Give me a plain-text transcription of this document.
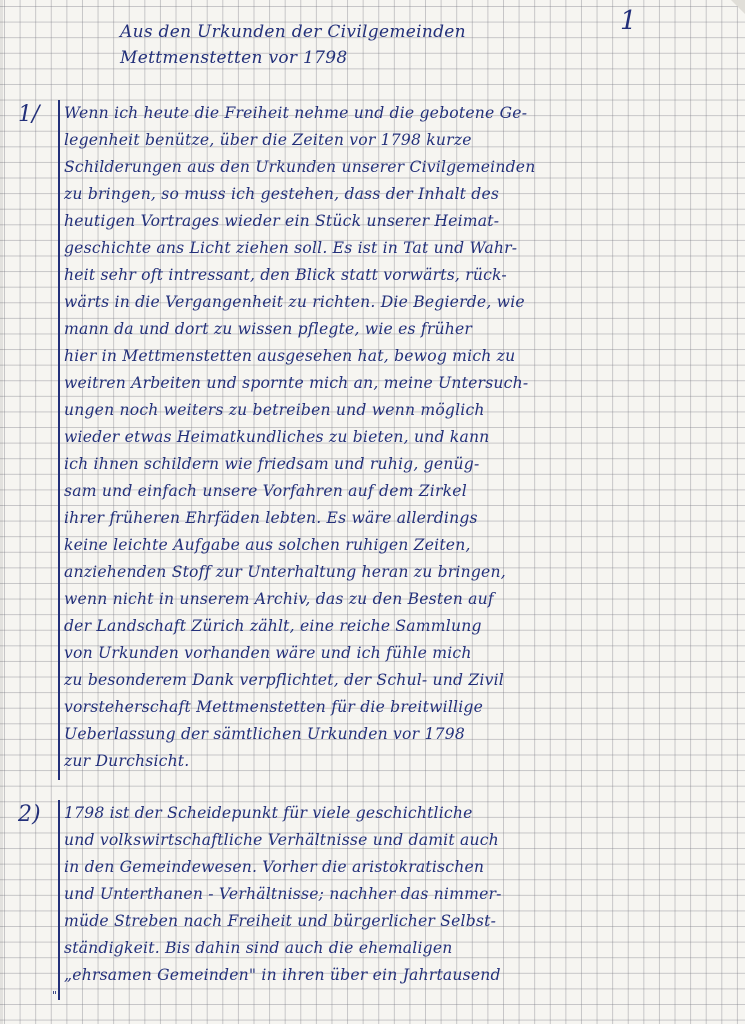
Aus den Urkunden der Civilgemeinden
Mettmenstetten vor 1798
1
1/ Wenn ich heute die Freiheit nehme und die gebotene Ge-
legenheit benütze, über die Zeiten vor 1798 kurze
Schilderungen aus den Urkunden unserer Civilgemeinden
zu bringen, so muss ich gestehen, dass der Inhalt des
heutigen Vortrages wieder ein Stück unserer Heimat-
geschichte ans Licht ziehen soll. Es ist in Tat und Wahr-
heit sehr oft intressant, den Blick statt vorwärts, rück-
wärts in die Vergangenheit zu richten. Die Begierde, wie
mann da und dort zu wissen pflegte, wie es früher
hier in Mettmenstetten ausgesehen hat, bewog mich zu
weitren Arbeiten und spornte mich an, meine Untersuch-
ungen noch weiters zu betreiben und wenn möglich
wieder etwas Heimatkundliches zu bieten, und kann
ich ihnen schildern wie friedsam und ruhig, genüg-
sam und einfach unsere Vorfahren auf dem Zirkel
ihrer früheren Ehrfäden lebten. Es wäre allerdings
keine leichte Aufgabe aus solchen ruhigen Zeiten,
anziehenden Stoff zur Unterhaltung heran zu bringen,
wenn nicht in unserem Archiv, das zu den Besten auf
der Landschaft Zürich zählt, eine reiche Sammlung
von Urkunden vorhanden wäre und ich fühle mich
zu besonderem Dank verpflichtet, der Schul- und Zivil
vorsteherschaft Mettmenstetten für die breitwillige
Ueberlassung der sämtlichen Urkunden vor 1798
zur Durchsicht.
2) 1798 ist der Scheidepunkt für viele geschichtliche
und volkswirtschaftliche Verhältnisse und damit auch
in den Gemeindewesen. Vorher die aristokratischen
und Unterthanen - Verhältnisse; nachher das nimmer-
müde Streben nach Freiheit und bürgerlicher Selbst-
ständigkeit. Bis dahin sind auch die ehemaligen
„ehrsamen Gemeinden" in ihren über ein Jahrtausend
"
